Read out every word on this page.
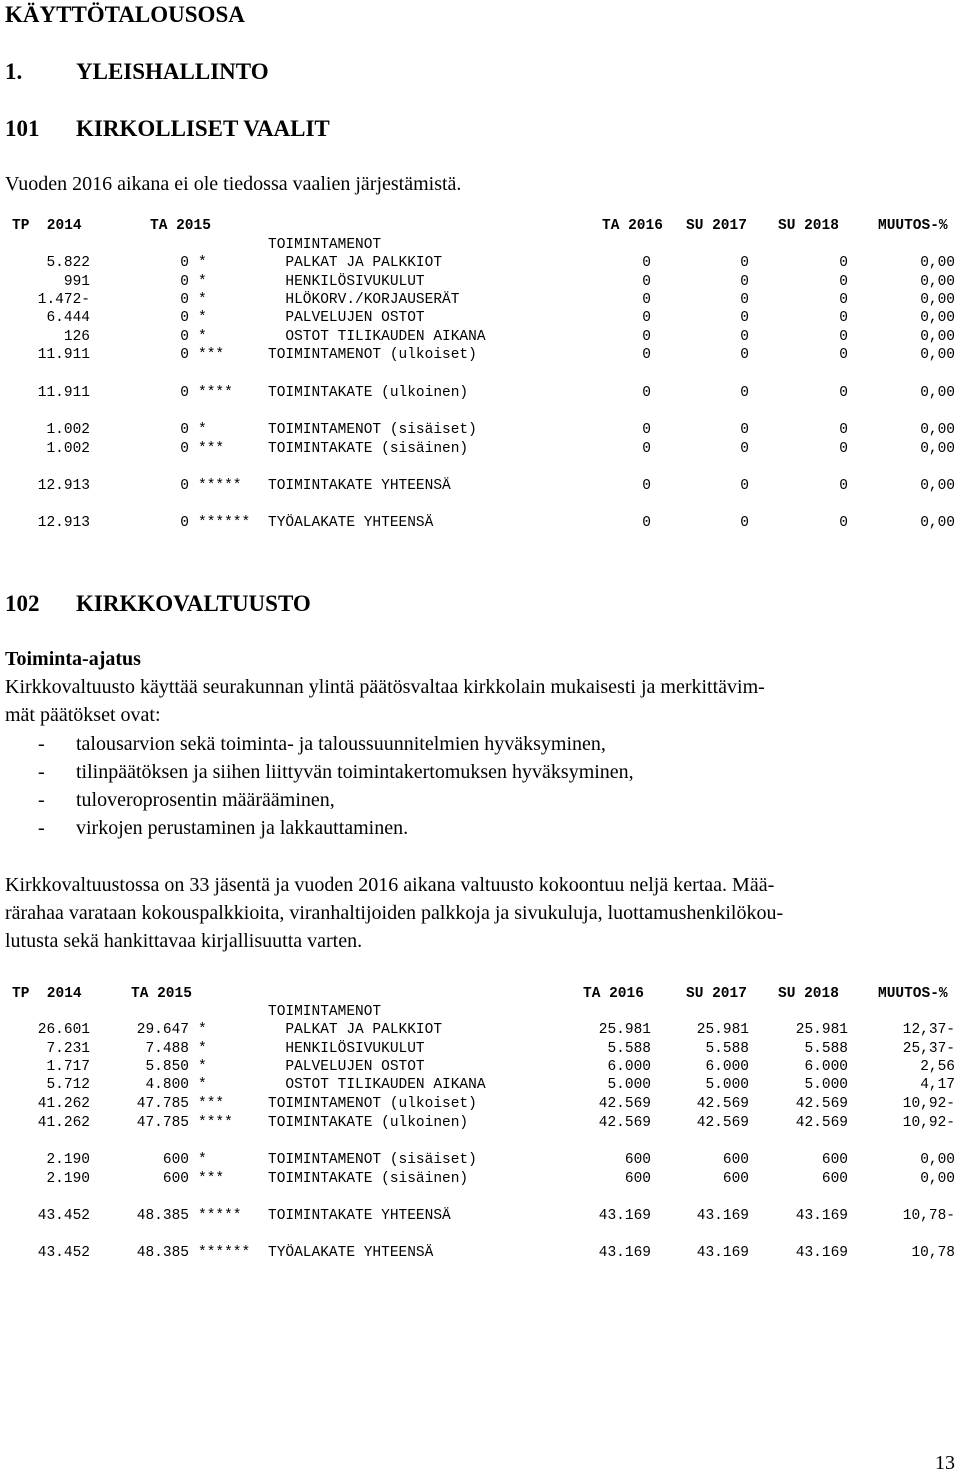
KÄYTTÖTALOUSOSA
1. YLEISHALLINTO
101 KIRKOLLISET VAALIT
Vuoden 2016 aikana ei ole tiedossa vaalien järjestämistä.
TP  2014	TA 2015	TA 2016 SU 2017 SU 2018	MUUTOS-%
TOIMINTAMENOT
5.822	0 *	PALKAT JA PALKKIOT	0	0	0	0,00
991	0 *	HENKILÖSIVUKULUT	0	0	0	0,00
1.472-	0 *	HLÖKORV./KORJAUSERÄT	0	0	0	0,00
6.444	0 *	PALVELUJEN OSTOT	0	0	0	0,00
126	0 *	OSTOT TILIKAUDEN AIKANA	0	0	0	0,00
11.911	0 ***	TOIMINTAMENOT (ulkoiset)	0	0	0	0,00
11.911	0 **** TOIMINTAKATE (ulkoinen)	0	0	0	0,00
1.002	0 *	TOIMINTAMENOT (sisäiset)	0	0	0	0,00
1.002	0 ***	TOIMINTAKATE (sisäinen)	0	0	0	0,00
12.913	0 ***** TOIMINTAKATE YHTEENSÄ	0	0	0	0,00
12.913	0 ****** TYÖALAKATE YHTEENSÄ	0	0	0	0,00
102 KIRKKOVALTUUSTO
Toiminta-ajatus
Kirkkovaltuusto käyttää seurakunnan ylintä päätösvaltaa kirkkolain mukaisesti ja merkittävim-
mät päätökset ovat:
- talousarvion sekä toiminta- ja taloussuunnitelmien hyväksyminen,
- tilinpäätöksen ja siihen liittyvän toimintakertomuksen hyväksyminen,
- tuloveroprosentin määrääminen,
- virkojen perustaminen ja lakkauttaminen.
Kirkkovaltuustossa on 33 jäsentä ja vuoden 2016 aikana valtuusto kokoontuu neljä kertaa. Mää-
rärahaa varataan kokouspalkkioita, viranhaltijoiden palkkoja ja sivukuluja, luottamushenkilökou-
lutusta sekä hankittavaa kirjallisuutta varten.
TP  2014	TA 2015	TA 2016	SU 2017 SU 2018	MUUTOS-%
TOIMINTAMENOT
26.601	29.647 *	PALKAT JA PALKKIOT	25.981	25.981	25.981	12,37-
7.231	7.488 *	HENKILÖSIVUKULUT	5.588	5.588	5.588	25,37-
1.717	5.850 *	PALVELUJEN OSTOT	6.000	6.000	6.000	2,56
5.712	4.800 *	OSTOT TILIKAUDEN AIKANA	5.000	5.000	5.000	4,17
41.262	47.785 ***	TOIMINTAMENOT (ulkoiset)	42.569	42.569	42.569	10,92-
41.262	47.785 **** TOIMINTAKATE (ulkoinen)	42.569	42.569	42.569	10,92-
2.190	600 *	TOIMINTAMENOT (sisäiset)	600	600	600	0,00
2.190	600 ***	TOIMINTAKATE (sisäinen)	600	600	600	0,00
43.452	48.385 ***** TOIMINTAKATE YHTEENSÄ	43.169	43.169	43.169	10,78-
43.452	48.385 ****** TYÖALAKATE YHTEENSÄ	43.169	43.169	43.169	10,78
13
